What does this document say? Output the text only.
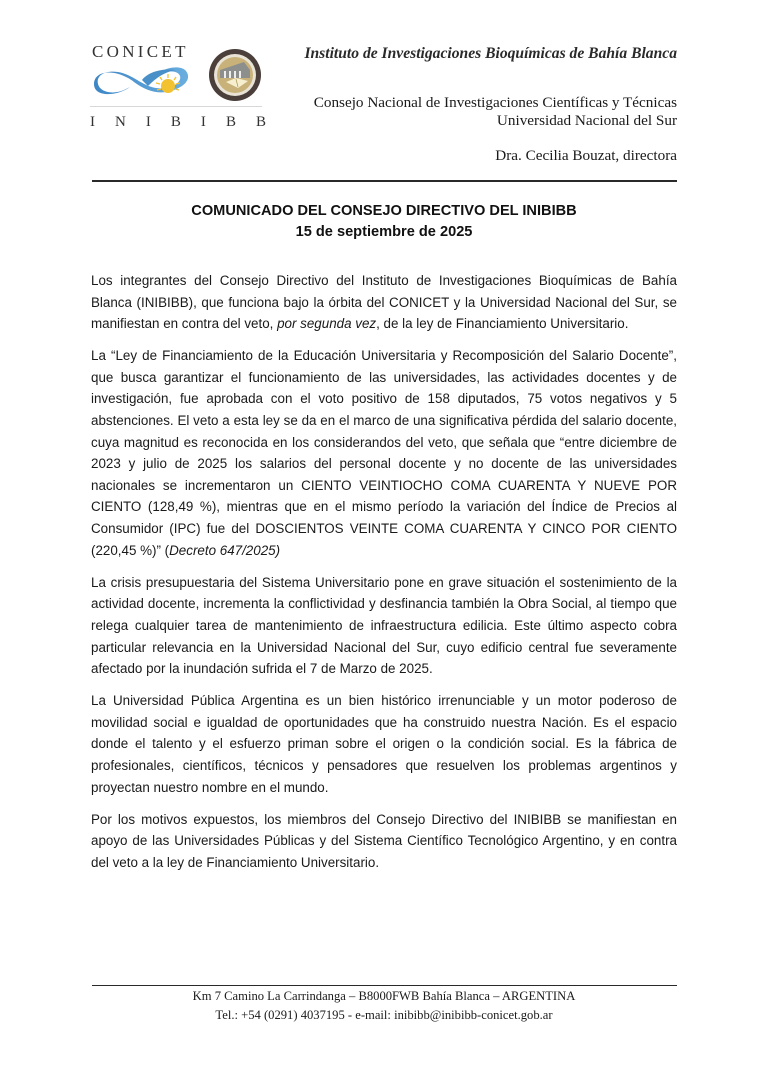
CONICET
I N I B I B B
Instituto de Investigaciones Bioquímicas de Bahía Blanca
Consejo Nacional de Investigaciones Científicas y Técnicas
Universidad Nacional del Sur
Dra. Cecilia Bouzat, directora
COMUNICADO DEL CONSEJO DIRECTIVO DEL INIBIBB
15 de septiembre de 2025

Los integrantes del Consejo Directivo del Instituto de Investigaciones Bioquímicas de Bahía Blanca (INIBIBB), que funciona bajo la órbita del CONICET y la Universidad Nacional del Sur, se manifiestan en contra del veto, por segunda vez, de la ley de Financiamiento Universitario.

La “Ley de Financiamiento de la Educación Universitaria y Recomposición del Salario Docente”, que busca garantizar el funcionamiento de las universidades, las actividades docentes y de investigación, fue aprobada con el voto positivo de 158 diputados, 75 votos negativos y 5 abstenciones. El veto a esta ley se da en el marco de una significativa pérdida del salario docente, cuya magnitud es reconocida en los considerandos del veto, que señala que “entre diciembre de 2023 y julio de 2025 los salarios del personal docente y no docente de las universidades nacionales se incrementaron un CIENTO VEINTIOCHO COMA CUARENTA Y NUEVE POR CIENTO (128,49 %), mientras que en el mismo período la variación del Índice de Precios al Consumidor (IPC) fue del DOSCIENTOS VEINTE COMA CUARENTA Y CINCO POR CIENTO (220,45 %)” (Decreto 647/2025)

La crisis presupuestaria del Sistema Universitario pone en grave situación el sostenimiento de la actividad docente, incrementa la conflictividad y desfinancia también la Obra Social, al tiempo que relega cualquier tarea de mantenimiento de infraestructura edilicia. Este último aspecto cobra particular relevancia en la Universidad Nacional del Sur, cuyo edificio central fue severamente afectado por la inundación sufrida el 7 de Marzo de 2025.

La Universidad Pública Argentina es un bien histórico irrenunciable y un motor poderoso de movilidad social e igualdad de oportunidades que ha construido nuestra Nación. Es el espacio donde el talento y el esfuerzo priman sobre el origen o la condición social. Es la fábrica de profesionales, científicos, técnicos y pensadores que resuelven los problemas argentinos y proyectan nuestro nombre en el mundo.

Por los motivos expuestos, los miembros del Consejo Directivo del INIBIBB se manifiestan en apoyo de las Universidades Públicas y del Sistema Científico Tecnológico Argentino, y en contra del veto a la ley de Financiamiento Universitario.

Km 7 Camino La Carrindanga – B8000FWB Bahía Blanca – ARGENTINA
Tel.: +54 (0291) 4037195 - e-mail: inibibb@inibibb-conicet.gob.ar
